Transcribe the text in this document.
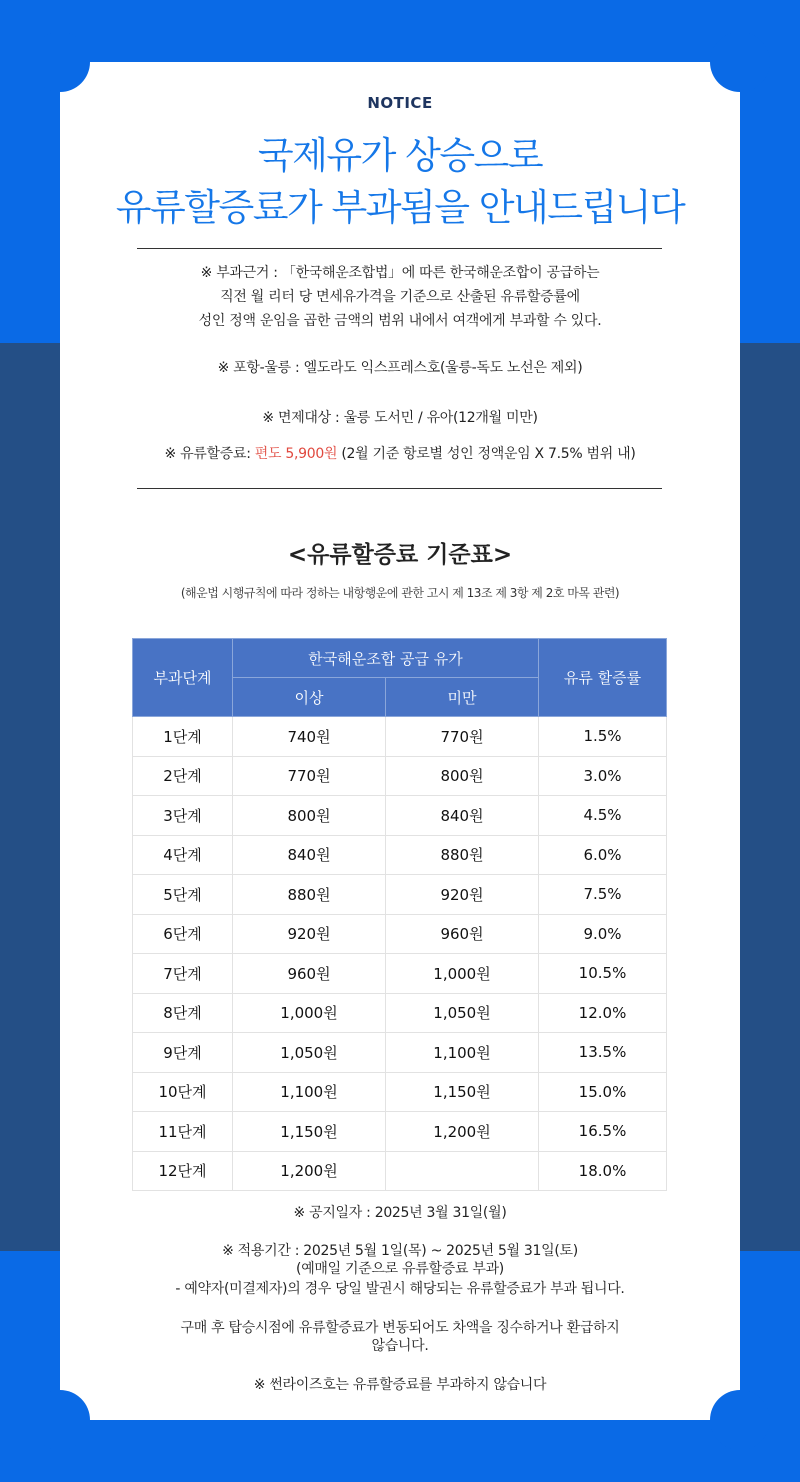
NOTICE
국제유가 상승으로
유류할증료가 부과됨을 안내드립니다
※ 부과근거 : 「한국해운조합법」에 따른 한국해운조합이 공급하는
직전 월 리터 당 면세유가격을 기준으로 산출된 유류할증률에
성인 정액 운임을 곱한 금액의 범위 내에서 여객에게 부과할 수 있다.
※ 포항-울릉 : 엘도라도 익스프레스호(울릉-독도 노선은 제외)
※ 면제대상 : 울릉 도서민 / 유아(12개월 미만)
※ 유류할증료: 편도 5,900원 (2월 기준 항로별 성인 정액운임 X 7.5% 범위 내)
<유류할증료 기준표>
(해운법 시행규칙에 따라 정하는 내항행운에 관한 고시 제 13조 제 3항 제 2호 마목 관련)
부과단계	한국해운조합 공급 유가		유류 할증률
	이상	미만	
1단계	740원	770원	1.5%
2단계	770원	800원	3.0%
3단계	800원	840원	4.5%
4단계	840원	880원	6.0%
5단계	880원	920원	7.5%
6단계	920원	960원	9.0%
7단계	960원	1,000원	10.5%
8단계	1,000원	1,050원	12.0%
9단계	1,050원	1,100원	13.5%
10단계	1,100원	1,150원	15.0%
11단계	1,150원	1,200원	16.5%
12단계	1,200원		18.0%
※ 공지일자 : 2025년 3월 31일(월)
※ 적용기간 : 2025년 5월 1일(목) ~ 2025년 5월 31일(토)
(예매일 기준으로 유류할증료 부과)
- 예약자(미결제자)의 경우 당일 발권시 해당되는 유류할증료가 부과 됩니다.
구매 후 탑승시점에 유류할증료가 변동되어도 차액을 징수하거나 환급하지
않습니다.
※ 썬라이즈호는 유류할증료를 부과하지 않습니다
